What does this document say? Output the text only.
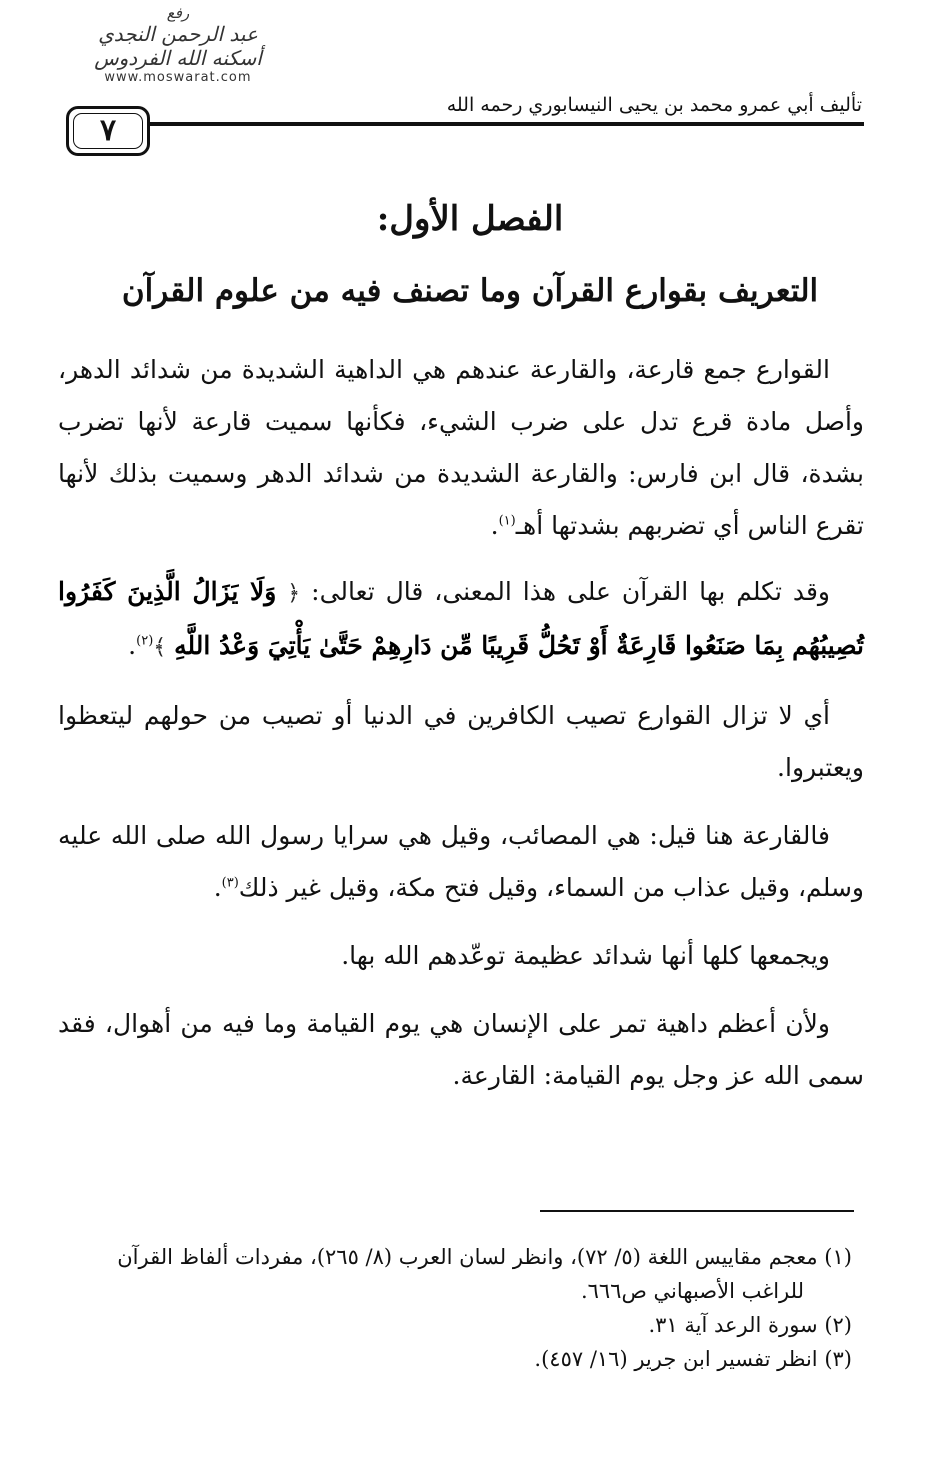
رفع
عبد الرحمن النجدي
أسكنه الله الفردوس
www.moswarat.com
تأليف أبي عمرو محمد بن يحيى النيسابوري رحمه الله
٧
الفصل الأول:
التعريف بقوارع القرآن وما تصنف فيه من علوم القرآن

القوارع جمع قارعة، والقارعة عندهم هي الداهية الشديدة من شدائد الدهر، وأصل مادة قرع تدل على ضرب الشيء، فكأنها سميت قارعة لأنها تضرب بشدة، قال ابن فارس: والقارعة الشديدة من شدائد الدهر وسميت بذلك لأنها تقرع الناس أي تضربهم بشدتها أهـ$^{(١)}$.

وقد تكلم بها القرآن على هذا المعنى، قال تعالى: ﴿ وَلَا يَزَالُ الَّذِينَ كَفَرُوا تُصِيبُهُم بِمَا صَنَعُوا قَارِعَةٌ أَوْ تَحُلُّ قَرِيبًا مِّن دَارِهِمْ حَتَّىٰ يَأْتِيَ وَعْدُ اللَّهِ ﴾$^{(٢)}$.

أي لا تزال القوارع تصيب الكافرين في الدنيا أو تصيب من حولهم ليتعظوا ويعتبروا.

فالقارعة هنا قيل: هي المصائب، وقيل هي سرايا رسول الله صلى الله عليه وسلم، وقيل عذاب من السماء، وقيل فتح مكة، وقيل غير ذلك$^{(٣)}$.

ويجمعها كلها أنها شدائد عظيمة توعّدهم الله بها.

ولأن أعظم داهية تمر على الإنسان هي يوم القيامة وما فيه من أهوال، فقد سمى الله عز وجل يوم القيامة: القارعة.

(١) معجم مقاييس اللغة (٥/ ٧٢)، وانظر لسان العرب (٨/ ٢٦٥)، مفردات ألفاظ القرآن

للراغب الأصبهاني ص٦٦٦.

(٢) سورة الرعد آية ٣١.

(٣) انظر تفسير ابن جرير (١٦/ ٤٥٧).
